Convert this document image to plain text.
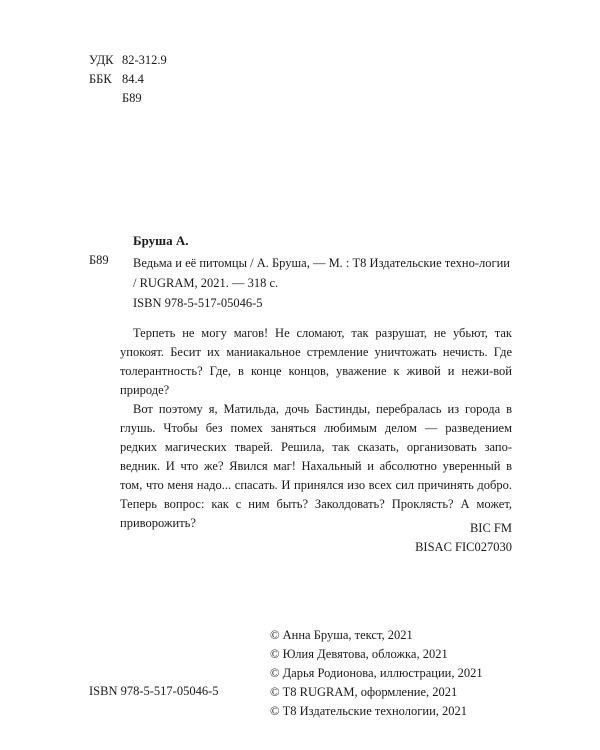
УДК 82-312.9
ББК 84.4
Б89
Бруша А.
Б89 Ведьма и её питомцы / А. Бруша, — М. : Т8 Издательские техно-логии / RUGRAM, 2021. — 318 с.
ISBN 978-5-517-05046-5

Терпеть не могу магов! Не сломают, так разрушат, не убьют, так упокоят. Бесит их маниакальное стремление уничтожать нечисть. Где толерантность? Где, в конце концов, уважение к живой и нежи-вой природе?

Вот поэтому я, Матильда, дочь Бастинды, перебралась из города в глушь. Чтобы без помех заняться любимым делом — разведением редких магических тварей. Решила, так сказать, организовать запо-ведник. И что же? Явился маг! Нахальный и абсолютно уверенный в том, что меня надо... спасать. И принялся изо всех сил причинять добро. Теперь вопрос: как с ним быть? Заколдовать? Проклясть? А может, приворожить?	BIC FM
BISAC FIC027030
ISBN 978-5-517-05046-5
© Анна Бруша, текст, 2021
© Юлия Девятова, обложка, 2021
© Дарья Родионова, иллюстрации, 2021
© Т8 RUGRAM, оформление, 2021
© Т8 Издательские технологии, 2021
